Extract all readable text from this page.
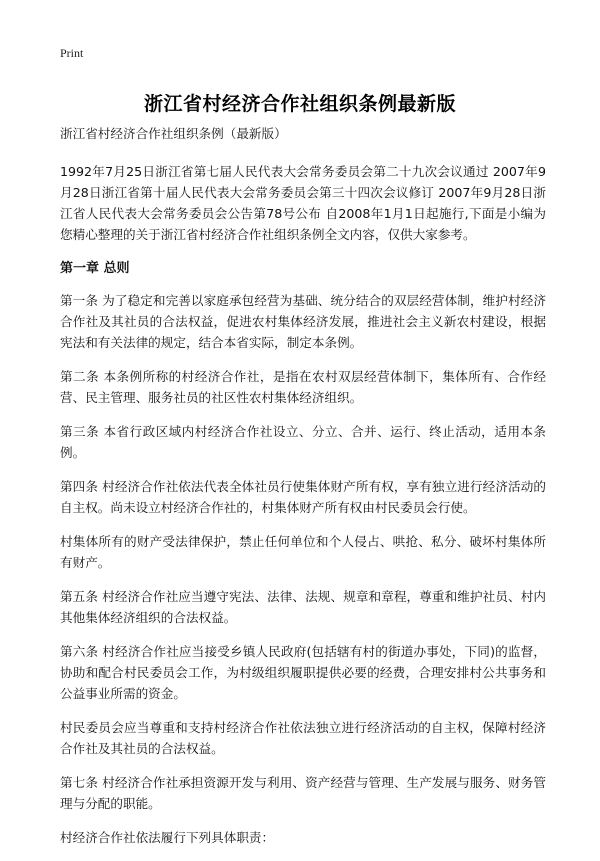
Print
浙江省村经济合作社组织条例最新版

浙江省村经济合作社组织条例（最新版）

1992年7月25日浙江省第七届人民代表大会常务委员会第二十九次会议通过 2007年9月28日浙江省第十届人民代表大会常务委员会第三十四次会议修订 2007年9月28日浙江省人民代表大会常务委员会公告第78号公布 自2008年1月1日起施行,下面是小编为您精心整理的关于浙江省村经济合作社组织条例全文内容，仅供大家参考。

第一章 总则

第一条 为了稳定和完善以家庭承包经营为基础、统分结合的双层经营体制，维护村经济合作社及其社员的合法权益，促进农村集体经济发展，推进社会主义新农村建设，根据宪法和有关法律的规定，结合本省实际，制定本条例。

第二条 本条例所称的村经济合作社，是指在农村双层经营体制下，集体所有、合作经营、民主管理、服务社员的社区性农村集体经济组织。

第三条 本省行政区域内村经济合作社设立、分立、合并、运行、终止活动，适用本条例。

第四条 村经济合作社依法代表全体社员行使集体财产所有权，享有独立进行经济活动的自主权。尚未设立村经济合作社的，村集体财产所有权由村民委员会行使。

村集体所有的财产受法律保护，禁止任何单位和个人侵占、哄抢、私分、破坏村集体所有财产。

第五条 村经济合作社应当遵守宪法、法律、法规、规章和章程，尊重和维护社员、村内其他集体经济组织的合法权益。

第六条 村经济合作社应当接受乡镇人民政府(包括辖有村的街道办事处，下同)的监督，协助和配合村民委员会工作，为村级组织履职提供必要的经费，合理安排村公共事务和公益事业所需的资金。

村民委员会应当尊重和支持村经济合作社依法独立进行经济活动的自主权，保障村经济合作社及其社员的合法权益。

第七条 村经济合作社承担资源开发与利用、资产经营与管理、生产发展与服务、财务管理与分配的职能。

村经济合作社依法履行下列具体职责：
